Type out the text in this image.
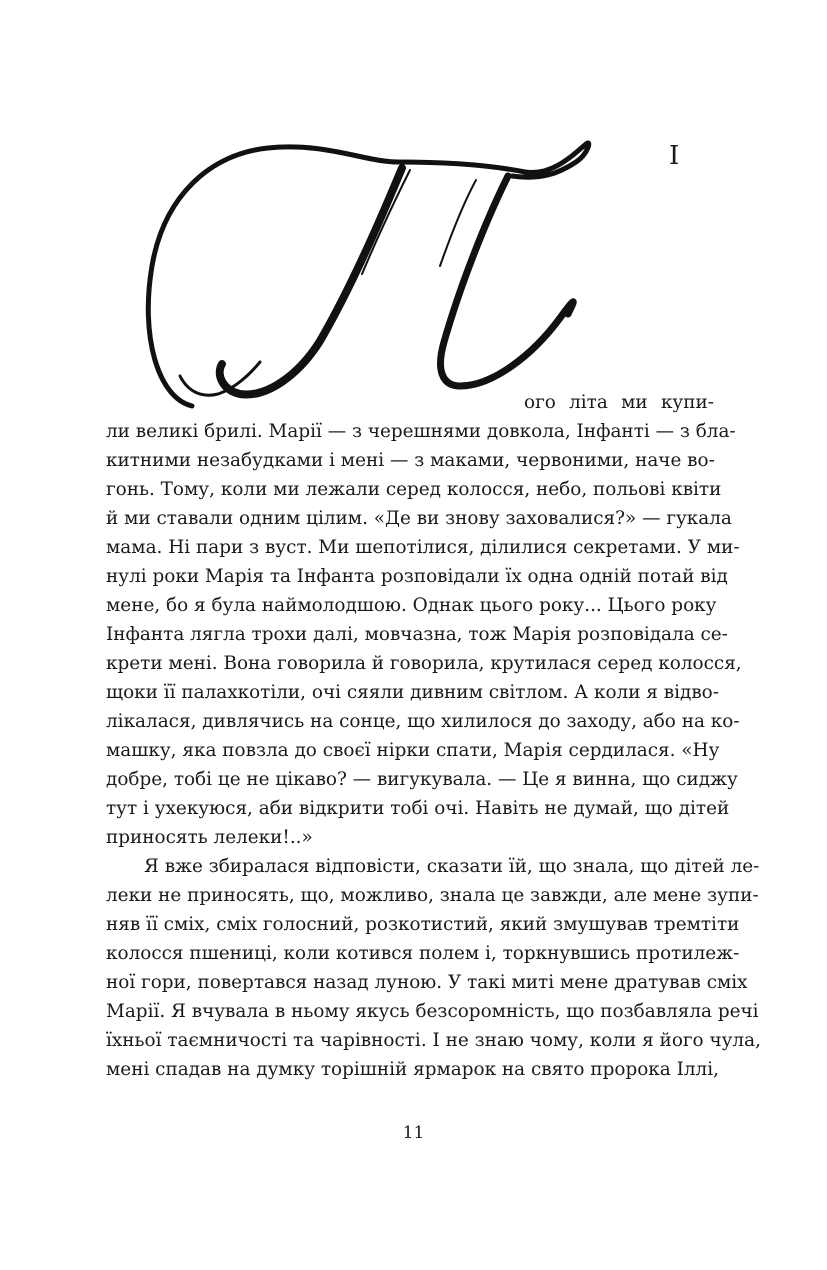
I
ого літа ми купи-
ли великі брилі. Марії — з черешнями довкола, Інфанті — з бла-
китними незабудками і мені — з маками, червоними, наче во-
гонь. Тому, коли ми лежали серед колосся, небо, польові квіти
й ми ставали одним цілим. «Де ви знову заховалися?» — гукала
мама. Ні пари з вуст. Ми шепотілися, ділилися секретами. У ми-
нулі роки Марія та Інфанта розповідали їх одна одній потай від
мене, бо я була наймолодшою. Однак цього року... Цього року
Інфанта лягла трохи далі, мовчазна, тож Марія розповідала се-
крети мені. Вона говорила й говорила, крутилася серед колосся,
щоки її палахкотіли, очі сяяли дивним світлом. А коли я відво-
лікалася, дивлячись на сонце, що хилилося до заходу, або на ко-
машку, яка повзла до своєї нірки спати, Марія сердилася. «Ну
добре, тобі це не цікаво? — вигукувала. — Це я винна, що сиджу
тут і ухекуюся, аби відкрити тобі очі. Навіть не думай, що дітей
приносять лелеки!..»
Я вже збиралася відповісти, сказати їй, що знала, що дітей ле-
леки не приносять, що, можливо, знала це завжди, але мене зупи-
няв її сміх, сміх голосний, розкотистий, який змушував тремтіти
колосся пшениці, коли котився полем і, торкнувшись протилеж-
ної гори, повертався назад луною. У такі миті мене дратував сміх
Марії. Я вчувала в ньому якусь безсоромність, що позбавляла речі
їхньої таємничості та чарівності. І не знаю чому, коли я його чула,
мені спадав на думку торішній ярмарок на свято пророка Іллі,
11
